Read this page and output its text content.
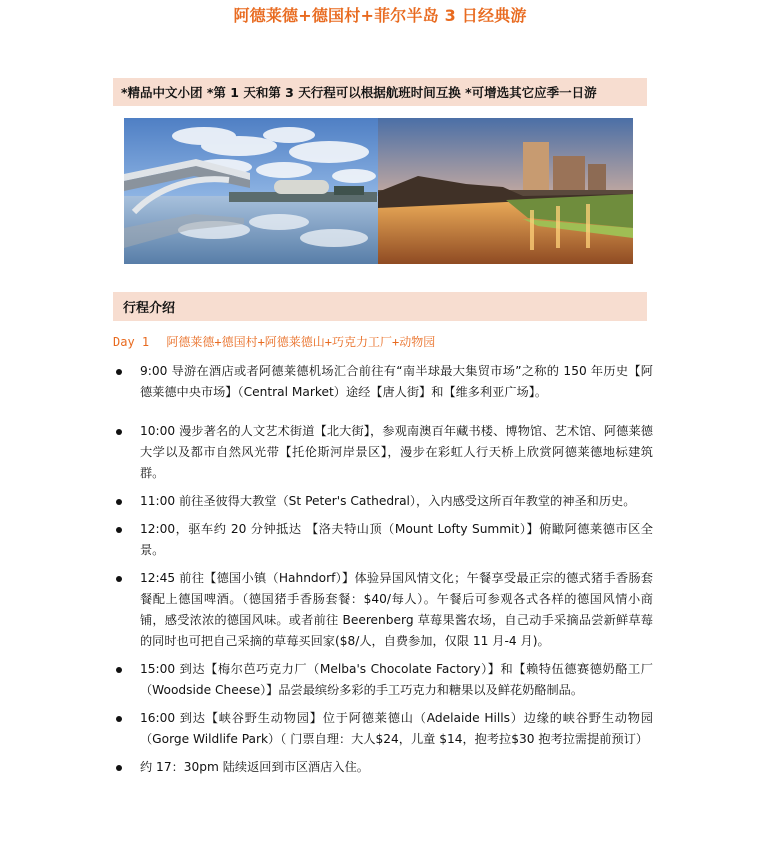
阿德莱德+德国村+菲尔半岛 3 日经典游
*精品中文小团 *第 1 天和第 3 天行程可以根据航班时间互换 *可增选其它应季一日游
行程介绍
Day 1 阿德莱德+德国村+阿德莱德山+巧克力工厂+动物园
9:00 导游在酒店或者阿德莱德机场汇合前往有“南半球最大集贸市场”之称的 150 年历史【阿德莱德中央市场】（Central Market）途经【唐人街】和【维多利亚广场】。
10:00 漫步著名的人文艺术街道【北大街】，参观南澳百年藏书楼、博物馆、艺术馆、阿德莱德大学以及都市自然风光带【托伦斯河岸景区】，漫步在彩虹人行天桥上欣赏阿德莱德地标建筑群。
11:00 前往圣彼得大教堂（St Peter's Cathedral），入内感受这所百年教堂的神圣和历史。
12:00，驱车约 20 分钟抵达 【洛夫特山顶（Mount Lofty Summit）】俯瞰阿德莱德市区全景。
12:45 前往【德国小镇（Hahndorf）】体验异国风情文化；午餐享受最正宗的德式猪手香肠套餐配上德国啤酒。（德国猪手香肠套餐：$40/每人）。午餐后可参观各式各样的德国风情小商铺，感受浓浓的德国风味。或者前往 Beerenberg 草莓果酱农场，自己动手采摘品尝新鲜草莓的同时也可把自己采摘的草莓买回家($8/人，自费参加，仅限 11 月-4 月)。
15:00 到达【梅尔芭巧克力厂（Melba's Chocolate Factory）】和【赖特伍德赛德奶酪工厂（Woodside Cheese）】品尝最缤纷多彩的手工巧克力和糖果以及鲜花奶酪制品。
16:00 到达【峡谷野生动物园】位于阿德莱德山（Adelaide Hills）边缘的峡谷野生动物园（Gorge Wildlife Park）（ 门票自理：大人$24，儿童 $14，抱考拉$30 抱考拉需提前预订）
约 17：30pm 陆续返回到市区酒店入住。
